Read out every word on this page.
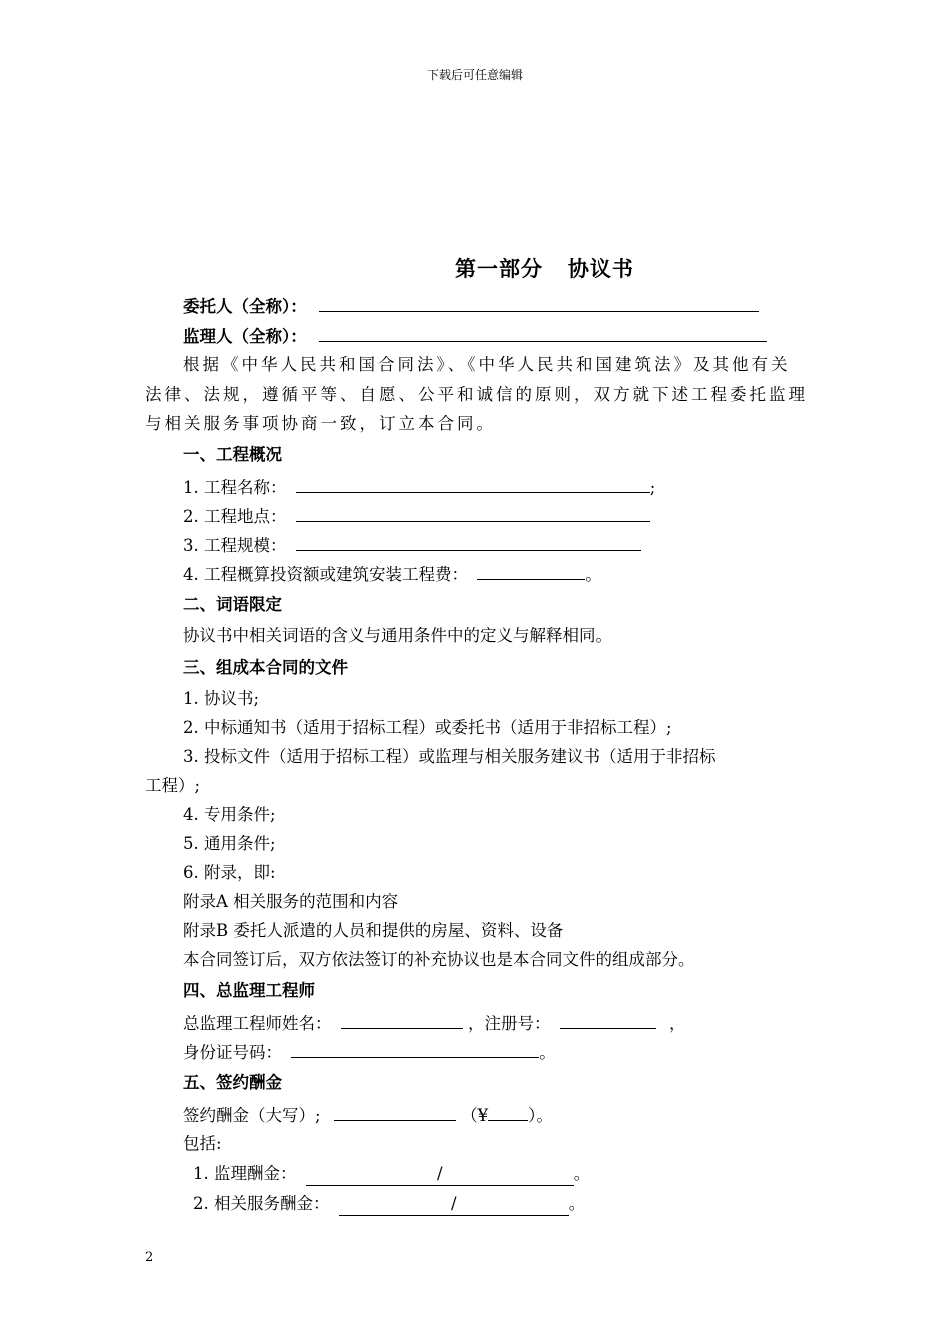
下载后可任意编辑
第一部分   协议书
委托人（全称）：
监理人（全称）：
根据《中华人民共和国合同法》、《中华人民共和国建筑法》及其他有关
法律、法规，遵循平等、自愿、公平和诚信的原则，双方就下述工程委托监理
与相关服务事项协商一致，订立本合同。
一、工程概况
1. 工程名称：	;
2. 工程地点：
3. 工程规模：
4. 工程概算投资额或建筑安装工程费：	。
二、词语限定
协议书中相关词语的含义与通用条件中的定义与解释相同。
三、组成本合同的文件
1. 协议书;
2. 中标通知书（适用于招标工程）或委托书（适用于非招标工程）;
3. 投标文件（适用于招标工程）或监理与相关服务建议书（适用于非招标
工程）;
4. 专用条件;
5. 通用条件;
6. 附录，即:
附录A 相关服务的范围和内容
附录B 委托人派遣的人员和提供的房屋、资料、设备
本合同签订后，双方依法签订的补充协议也是本合同文件的组成部分。
四、总监理工程师
总监理工程师姓名：	，注册号：	，
身份证号码：	。
五、签约酬金
签约酬金（大写）;	（¥ ）。
包括:
1. 监理酬金：	/	。
2. 相关服务酬金：	/	。
2
